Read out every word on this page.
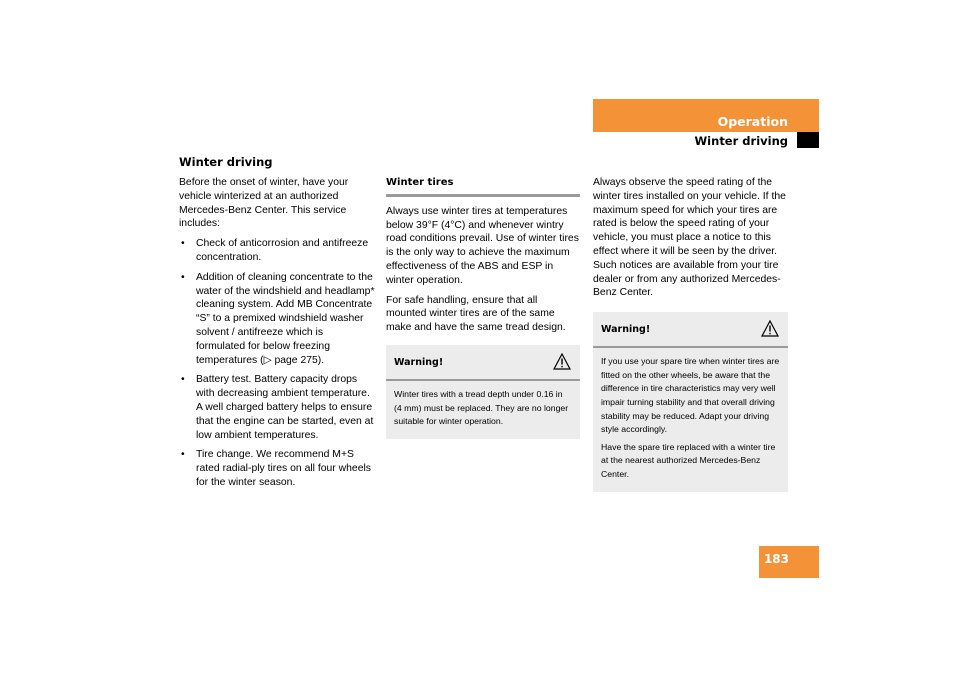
Operation
Winter driving
Winter driving

Before the onset of winter, have your vehicle winterized at an authorized Mercedes-Benz Center. This service includes:

• Check of anticorrosion and antifreeze concentration.
• Addition of cleaning concentrate to the water of the windshield and headlamp* cleaning system. Add MB Concentrate “S” to a premixed windshield washer solvent / antifreeze which is formulated for below freezing temperatures (▷ page 275).
• Battery test. Battery capacity drops with decreasing ambient temperature. A well charged battery helps to ensure that the engine can be started, even at low ambient temperatures.
• Tire change. We recommend M+S rated radial-ply tires on all four wheels for the winter season.
Winter tires

Always use winter tires at temperatures below 39°F (4°C) and whenever wintry road conditions prevail. Use of winter tires is the only way to achieve the maximum effectiveness of the ABS and ESP in winter operation.

For safe handling, ensure that all mounted winter tires are of the same make and have the same tread design.

Warning!

Winter tires with a tread depth under 0.16 in (4 mm) must be replaced. They are no longer suitable for winter operation.

Always observe the speed rating of the winter tires installed on your vehicle. If the maximum speed for which your tires are rated is below the speed rating of your vehicle, you must place a notice to this effect where it will be seen by the driver. Such notices are available from your tire dealer or from any authorized Mercedes-Benz Center.

Warning!

If you use your spare tire when winter tires are fitted on the other wheels, be aware that the difference in tire characteristics may very well impair turning stability and that overall driving stability may be reduced. Adapt your driving style accordingly.

Have the spare tire replaced with a winter tire at the nearest authorized Mercedes-Benz Center.

183
